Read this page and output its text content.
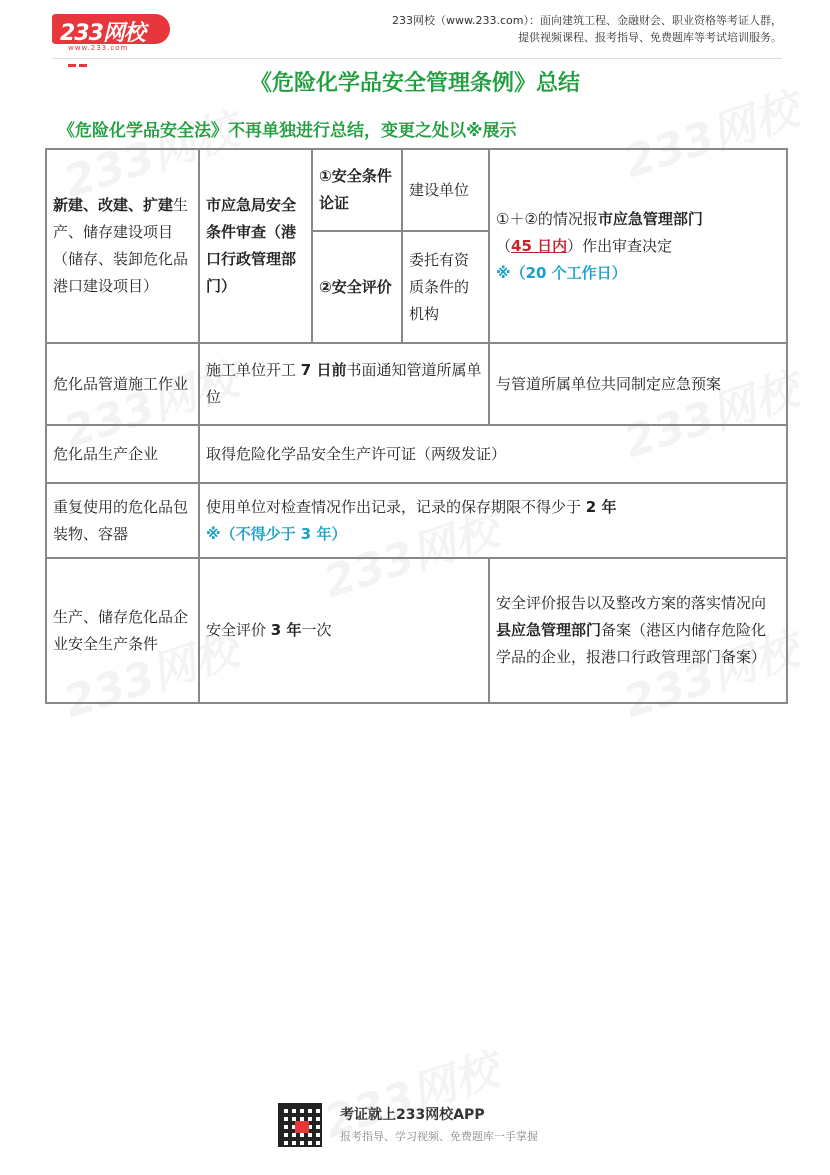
233网校
www.233.com
233网校（www.233.com）：面向建筑工程、金融财会、职业资格等考证人群，
提供视频课程、报考指导、免费题库等考试培训服务。
《危险化学品安全管理条例》总结
《危险化学品安全法》不再单独进行总结，变更之处以※展示
新建、改建、扩建生产、储存建设项目（储存、装卸危化品港口建设项目）	市应急局安全条件审查（港口行政管理部门）	①安全条件论证	建设单位	①＋②的情况报市应急管理部门
（45 日内）作出审查决定
※（20 个工作日）

		②安全评价	委托有资质条件的机构	
危化品管道施工作业	施工单位开工 7 日前书面通知管道所属单位			与管道所属单位共同制定应急预案
危化品生产企业	取得危险化学品安全生产许可证（两级发证）			
重复使用的危化品包装物、容器	使用单位对检查情况作出记录，记录的保存期限不得少于 2 年
※（不得少于 3 年）			

生产、储存危化品企业安全生产条件	安全评价 3 年一次			安全评价报告以及整改方案的落实情况向县应急管理部门备案（港区内储存危险化学品的企业，报港口行政管理部门备案）
考证就上233网校APP
报考指导、学习视频、免费题库一手掌握
